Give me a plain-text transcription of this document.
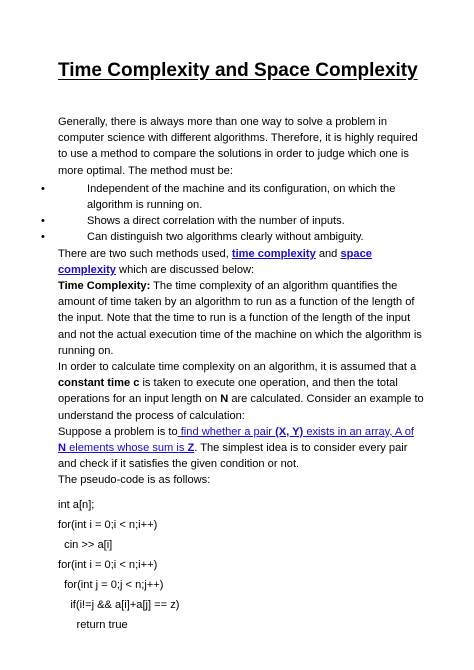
Time Complexity and Space Complexity

Generally, there is always more than one way to solve a problem in computer science with different algorithms. Therefore, it is highly required to use a method to compare the solutions in order to judge which one is more optimal. The method must be:

•	Independent of the machine and its configuration, on which the algorithm is running on.
•	Shows a direct correlation with the number of inputs.
•	Can distinguish two algorithms clearly without ambiguity.

There are two such methods used, time complexity and space complexity which are discussed below:

Time Complexity: The time complexity of an algorithm quantifies the amount of time taken by an algorithm to run as a function of the length of the input. Note that the time to run is a function of the length of the input and not the actual execution time of the machine on which the algorithm is running on.

In order to calculate time complexity on an algorithm, it is assumed that a constant time c is taken to execute one operation, and then the total operations for an input length on N are calculated. Consider an example to understand the process of calculation:

Suppose a problem is to find whether a pair (X, Y) exists in an array, A of N elements whose sum is Z. The simplest idea is to consider every pair and check if it satisfies the given condition or not.

The pseudo-code is as follows:

int a[n];

for(int i = 0;i < n;i++)

cin >> a[i]

for(int i = 0;i < n;i++)

for(int j = 0;j < n;j++)

if(i!=j && a[i]+a[j] == z)

return true
